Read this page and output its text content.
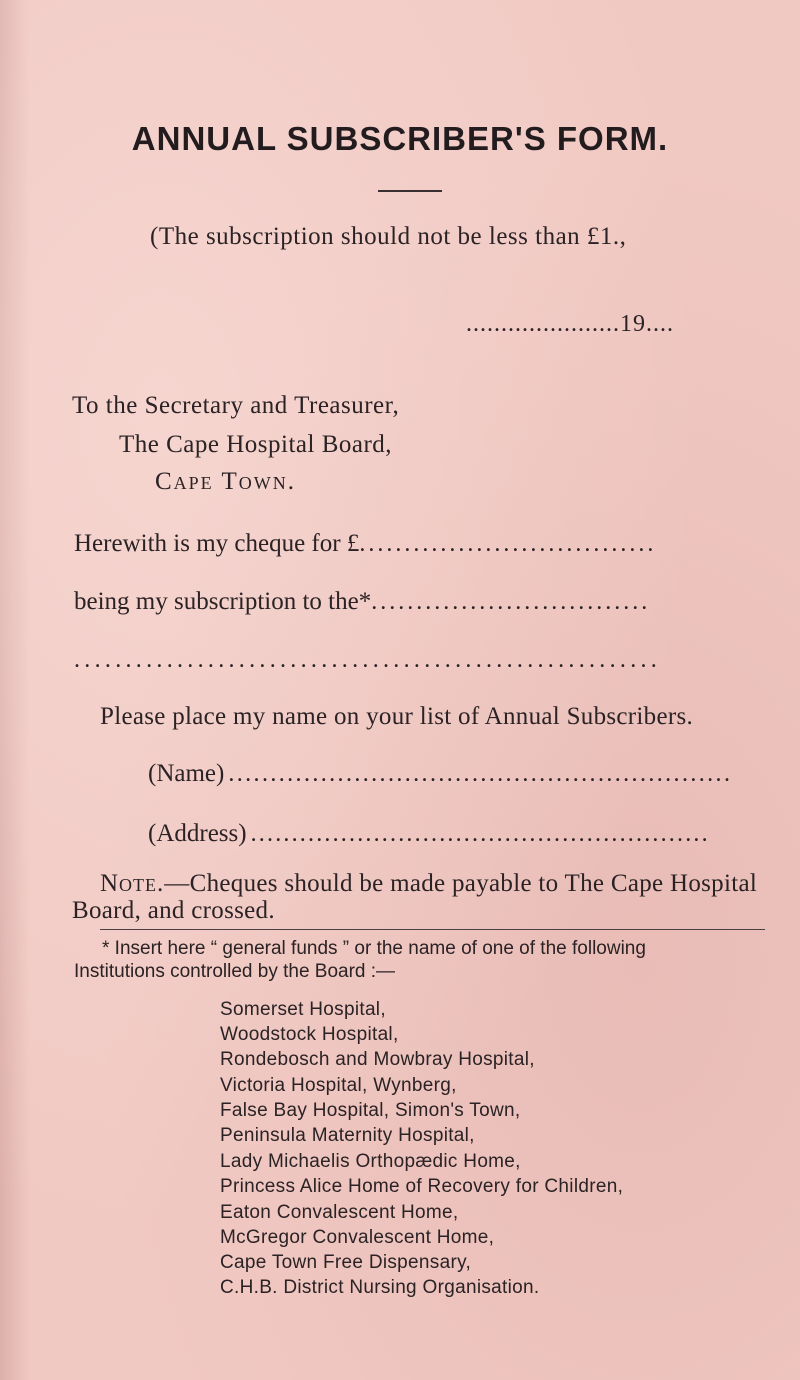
ANNUAL SUBSCRIBER'S FORM.
(The subscription should not be less than £1.,
......................19....
To the Secretary and Treasurer,
The Cape Hospital Board,
Cape Town.
Herewith is my cheque for £.................................
being my subscription to the*...............................
.........................................................
Please place my name on your list of Annual Subscribers.
(Name) ............................................................
(Address) ........................................................
Note.—Cheques should be made payable to The Cape Hospital
Board, and crossed.
* Insert here “ general funds ” or the name of one of the following
Institutions controlled by the Board :—
Somerset Hospital,
Woodstock Hospital,
Rondebosch and Mowbray Hospital,
Victoria Hospital, Wynberg,
False Bay Hospital, Simon's Town,
Peninsula Maternity Hospital,
Lady Michaelis Orthopædic Home,
Princess Alice Home of Recovery for Children,
Eaton Convalescent Home,
McGregor Convalescent Home,
Cape Town Free Dispensary,
C.H.B. District Nursing Organisation.
